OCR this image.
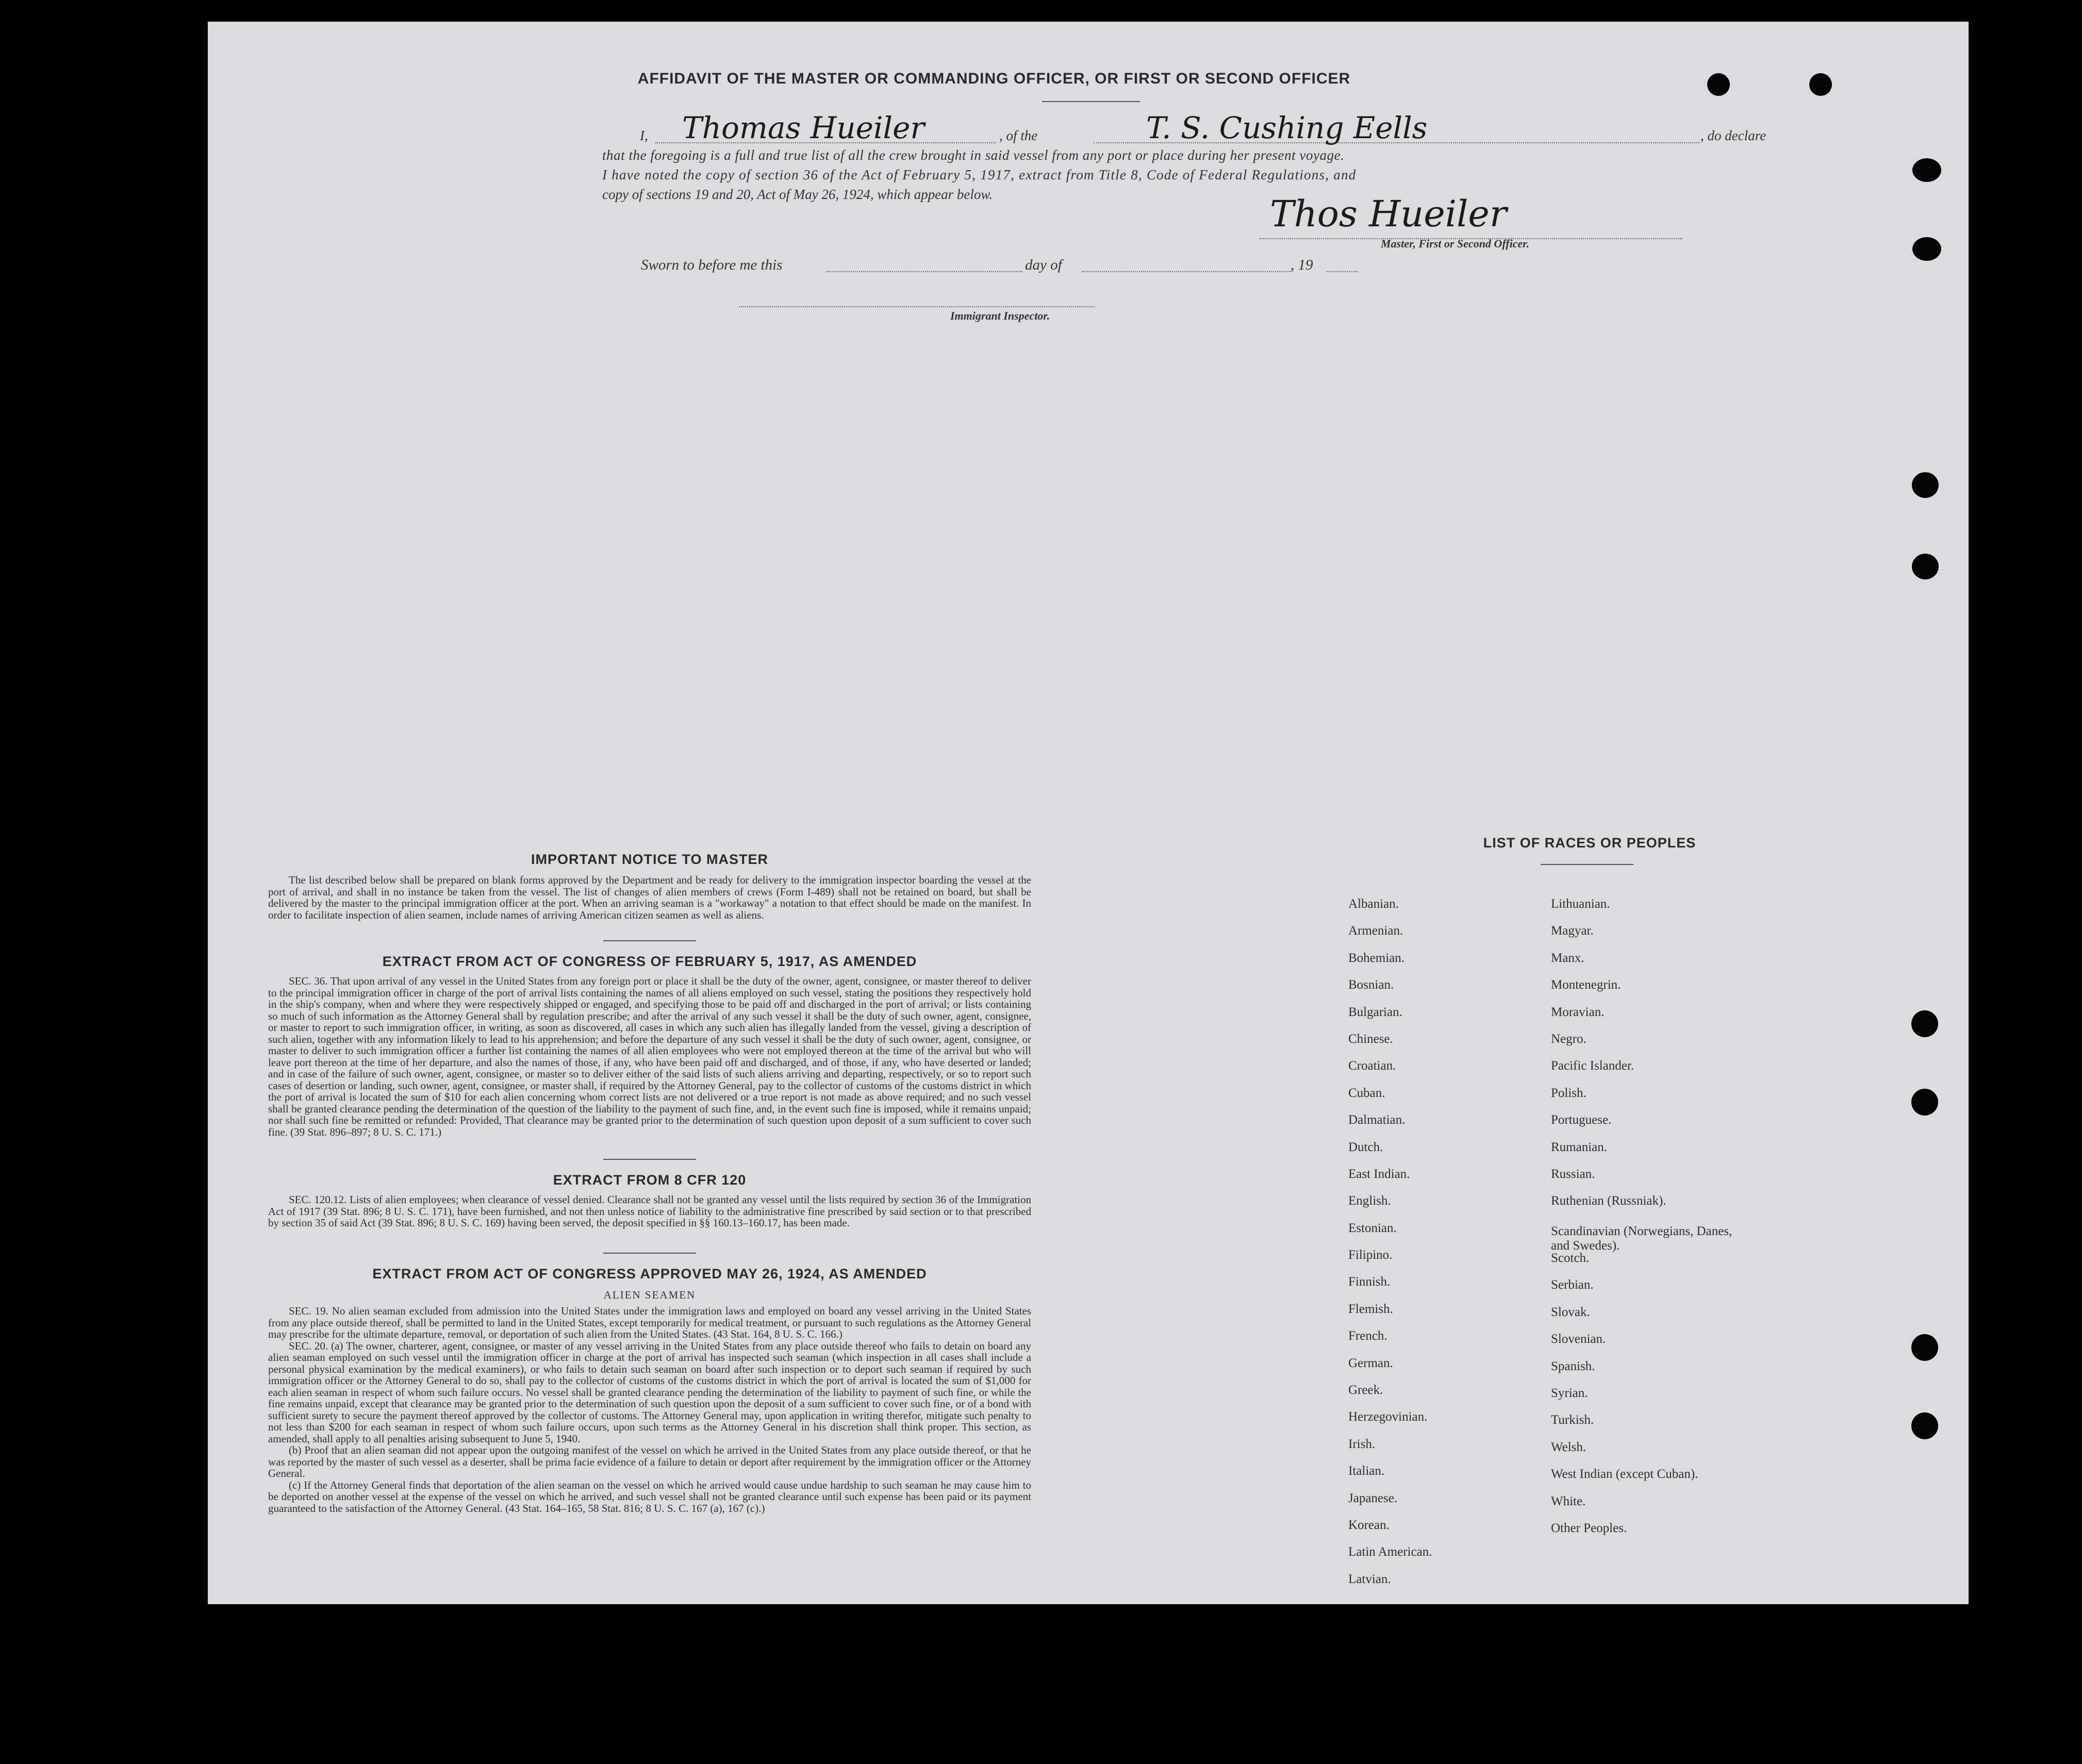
AFFIDAVIT OF THE MASTER OR COMMANDING OFFICER, OR FIRST OR SECOND OFFICER
I, Thomas Hueiler	, of the	T. S. Cushing Eells	, do declare
that the foregoing is a full and true list of all the crew brought in said vessel from any port or place during her present voyage.
I have noted the copy of section 36 of the Act of February 5, 1917, extract from Title 8, Code of Federal Regulations, and
copy of sections 19 and 20, Act of May 26, 1924, which appear below.	Thos Hueiler
Master, First or Second Officer.
Sworn to before me this	day of	, 19
Immigrant Inspector.
IMPORTANT NOTICE TO MASTER

The list described below shall be prepared on blank forms approved by the Department and be ready for delivery to the immigration inspector boarding the vessel at the port of arrival, and shall in no instance be taken from the vessel. The list of changes of alien members of crews (Form I-489) shall not be retained on board, but shall be delivered by the master to the principal immigration officer at the port. When an arriving seaman is a "workaway" a notation to that effect should be made on the manifest. In order to facilitate inspection of alien seamen, include names of arriving American citizen seamen as well as aliens.

EXTRACT FROM ACT OF CONGRESS OF FEBRUARY 5, 1917, AS AMENDED

SEC. 36. That upon arrival of any vessel in the United States from any foreign port or place it shall be the duty of the owner, agent, consignee, or master thereof to deliver to the principal immigration officer in charge of the port of arrival lists containing the names of all aliens employed on such vessel, stating the positions they respectively hold in the ship's company, when and where they were respectively shipped or engaged, and specifying those to be paid off and discharged in the port of arrival; or lists containing so much of such information as the Attorney General shall by regulation prescribe; and after the arrival of any such vessel it shall be the duty of such owner, agent, consignee, or master to report to such immigration officer, in writing, as soon as discovered, all cases in which any such alien has illegally landed from the vessel, giving a description of such alien, together with any information likely to lead to his apprehension; and before the departure of any such vessel it shall be the duty of such owner, agent, consignee, or master to deliver to such immigration officer a further list containing the names of all alien employees who were not employed thereon at the time of the arrival but who will leave port thereon at the time of her departure, and also the names of those, if any, who have been paid off and discharged, and of those, if any, who have deserted or landed; and in case of the failure of such owner, agent, consignee, or master so to deliver either of the said lists of such aliens arriving and departing, respectively, or so to report such cases of desertion or landing, such owner, agent, consignee, or master shall, if required by the Attorney General, pay to the collector of customs of the customs district in which the port of arrival is located the sum of $10 for each alien concerning whom correct lists are not delivered or a true report is not made as above required; and no such vessel shall be granted clearance pending the determination of the question of the liability to the payment of such fine, and, in the event such fine is imposed, while it remains unpaid; nor shall such fine be remitted or refunded: Provided, That clearance may be granted prior to the determination of such question upon deposit of a sum sufficient to cover such fine. (39 Stat. 896–897; 8 U. S. C. 171.)

EXTRACT FROM 8 CFR 120

SEC. 120.12. Lists of alien employees; when clearance of vessel denied. Clearance shall not be granted any vessel until the lists required by section 36 of the Immigration Act of 1917 (39 Stat. 896; 8 U. S. C. 171), have been furnished, and not then unless notice of liability to the administrative fine prescribed by said section or to that prescribed by section 35 of said Act (39 Stat. 896; 8 U. S. C. 169) having been served, the deposit specified in §§ 160.13–160.17, has been made.

EXTRACT FROM ACT OF CONGRESS APPROVED MAY 26, 1924, AS AMENDED
ALIEN SEAMEN

SEC. 19. No alien seaman excluded from admission into the United States under the immigration laws and employed on board any vessel arriving in the United States from any place outside thereof, shall be permitted to land in the United States, except temporarily for medical treatment, or pursuant to such regulations as the Attorney General may prescribe for the ultimate departure, removal, or deportation of such alien from the United States. (43 Stat. 164, 8 U. S. C. 166.)

SEC. 20. (a) The owner, charterer, agent, consignee, or master of any vessel arriving in the United States from any place outside thereof who fails to detain on board any alien seaman employed on such vessel until the immigration officer in charge at the port of arrival has inspected such seaman (which inspection in all cases shall include a personal physical examination by the medical examiners), or who fails to detain such seaman on board after such inspection or to deport such seaman if required by such immigration officer or the Attorney General to do so, shall pay to the collector of customs of the customs district in which the port of arrival is located the sum of $1,000 for each alien seaman in respect of whom such failure occurs. No vessel shall be granted clearance pending the determination of the liability to payment of such fine, or while the fine remains unpaid, except that clearance may be granted prior to the determination of such question upon the deposit of a sum sufficient to cover such fine, or of a bond with sufficient surety to secure the payment thereof approved by the collector of customs. The Attorney General may, upon application in writing therefor, mitigate such penalty to not less than $200 for each seaman in respect of whom such failure occurs, upon such terms as the Attorney General in his discretion shall think proper. This section, as amended, shall apply to all penalties arising subsequent to June 5, 1940.

(b) Proof that an alien seaman did not appear upon the outgoing manifest of the vessel on which he arrived in the United States from any place outside thereof, or that he was reported by the master of such vessel as a deserter, shall be prima facie evidence of a failure to detain or deport after requirement by the immigration officer or the Attorney General.

(c) If the Attorney General finds that deportation of the alien seaman on the vessel on which he arrived would cause undue hardship to such seaman he may cause him to be deported on another vessel at the expense of the vessel on which he arrived, and such vessel shall not be granted clearance until such expense has been paid or its payment guaranteed to the satisfaction of the Attorney General. (43 Stat. 164–165, 58 Stat. 816; 8 U. S. C. 167 (a), 167 (c).)

LIST OF RACES OR PEOPLES
Albanian.
Armenian.
Bohemian.
Bosnian.
Bulgarian.
Chinese.
Croatian.
Cuban.
Dalmatian.
Dutch.
East Indian.
English.
Estonian.
Filipino.
Finnish.
Flemish.
French.
German.
Greek.
Herzegovinian.
Irish.
Italian.
Japanese.
Korean.
Latin American.
Latvian.
Lithuanian.
Magyar.
Manx.
Montenegrin.
Moravian.
Negro.
Pacific Islander.
Polish.
Portuguese.
Rumanian.
Russian.
Ruthenian (Russniak).
Scandinavian (Norwegians, Danes, and Swedes).
Scotch.
Serbian.
Slovak.
Slovenian.
Spanish.
Syrian.
Turkish.
Welsh.
West Indian (except Cuban).
White.
Other Peoples.
